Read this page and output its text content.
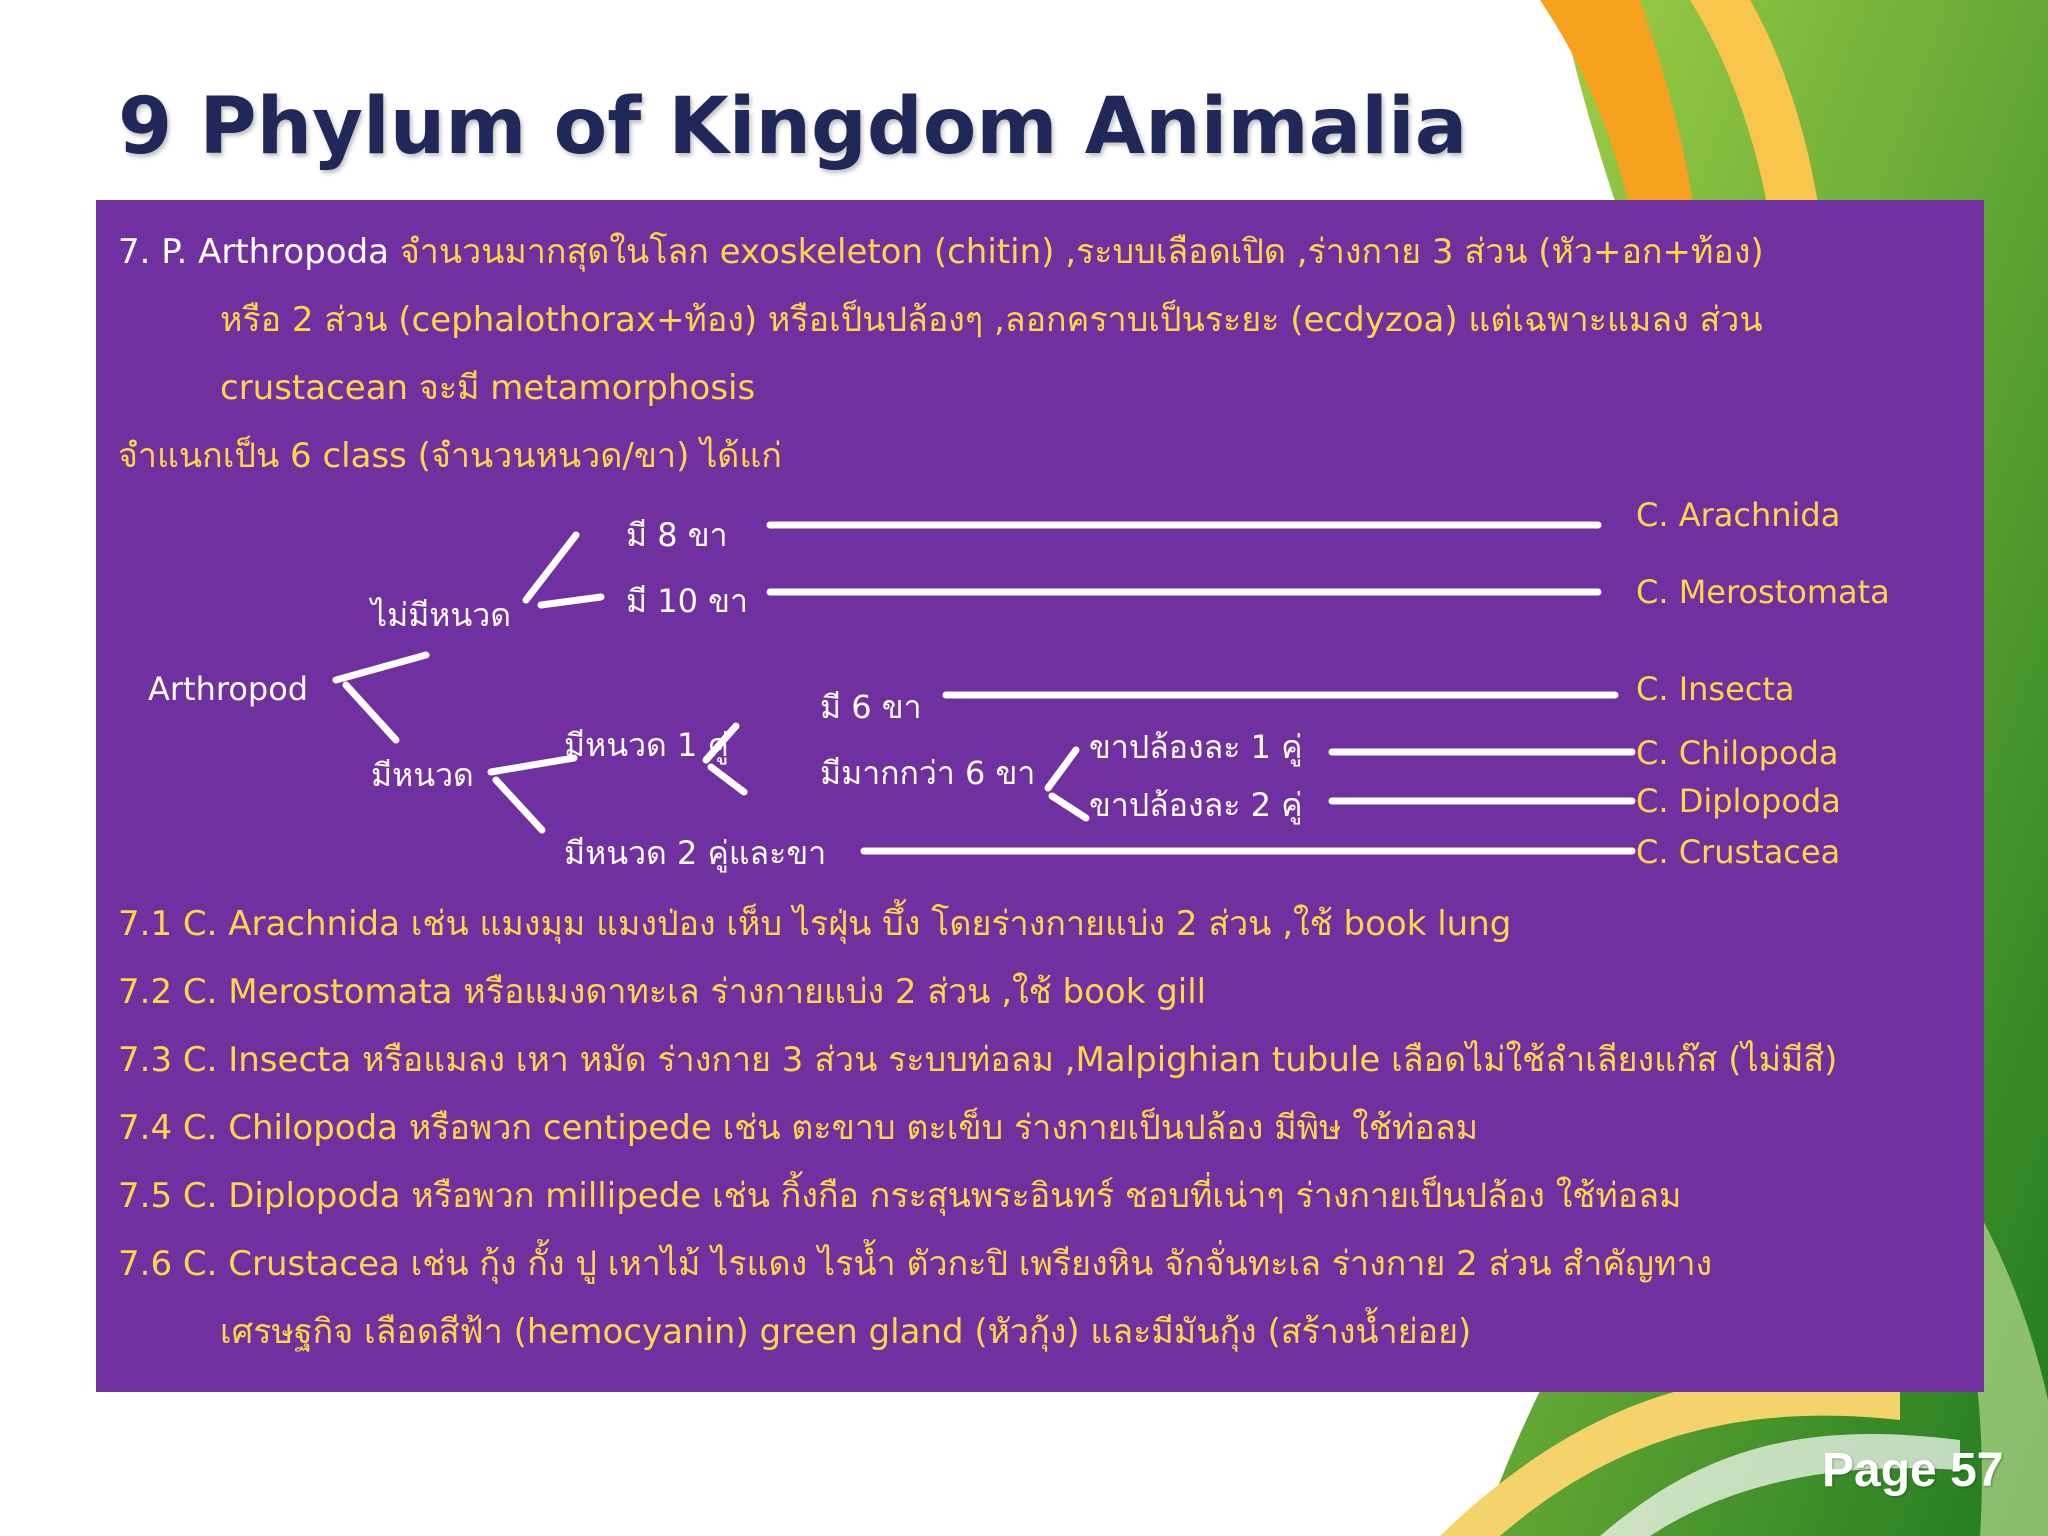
9 Phylum of Kingdom Animalia
7. P. Arthropoda จำนวนมากสุดในโลก exoskeleton (chitin) ,ระบบเลือดเปิด ,ร่างกาย 3 ส่วน (หัว+อก+ท้อง)
หรือ 2 ส่วน (cephalothorax+ท้อง) หรือเป็นปล้องๆ ,ลอกคราบเป็นระยะ (ecdyzoa) แต่เฉพาะแมลง ส่วน
crustacean จะมี metamorphosis
จำแนกเป็น 6 class (จำนวนหนวด/ขา) ได้แก่
Arthropod
ไม่มีหนวด
มีหนวด
มี 8 ขา
มี 10 ขา
มีหนวด 1 คู่
มีหนวด 2 คู่และขา
มี 6 ขา
มีมากกว่า 6 ขา
ขาปล้องละ 1 คู่
ขาปล้องละ 2 คู่
C. Arachnida
C. Merostomata
C. Insecta
C. Chilopoda
C. Diplopoda
C. Crustacea
7.1 C. Arachnida เช่น แมงมุม แมงป่อง เห็บ ไรฝุ่น บึ้ง โดยร่างกายแบ่ง 2 ส่วน ,ใช้ book lung
7.2 C. Merostomata หรือแมงดาทะเล ร่างกายแบ่ง 2 ส่วน ,ใช้ book gill
7.3 C. Insecta หรือแมลง เหา หมัด ร่างกาย 3 ส่วน ระบบท่อลม ,Malpighian tubule เลือดไม่ใช้ลำเลียงแก๊ส (ไม่มีสี)
7.4 C. Chilopoda หรือพวก centipede เช่น ตะขาบ ตะเข็บ ร่างกายเป็นปล้อง มีพิษ ใช้ท่อลม
7.5 C. Diplopoda หรือพวก millipede เช่น กิ้งกือ กระสุนพระอินทร์ ชอบที่เน่าๆ ร่างกายเป็นปล้อง ใช้ท่อลม
7.6 C. Crustacea เช่น กุ้ง กั้ง ปู เหาไม้ ไรแดง ไรน้ำ ตัวกะปิ เพรียงหิน จักจั่นทะเล ร่างกาย 2 ส่วน สำคัญทาง
เศรษฐกิจ เลือดสีฟ้า (hemocyanin) green gland (หัวกุ้ง) และมีมันกุ้ง (สร้างน้ำย่อย)
Page 57
